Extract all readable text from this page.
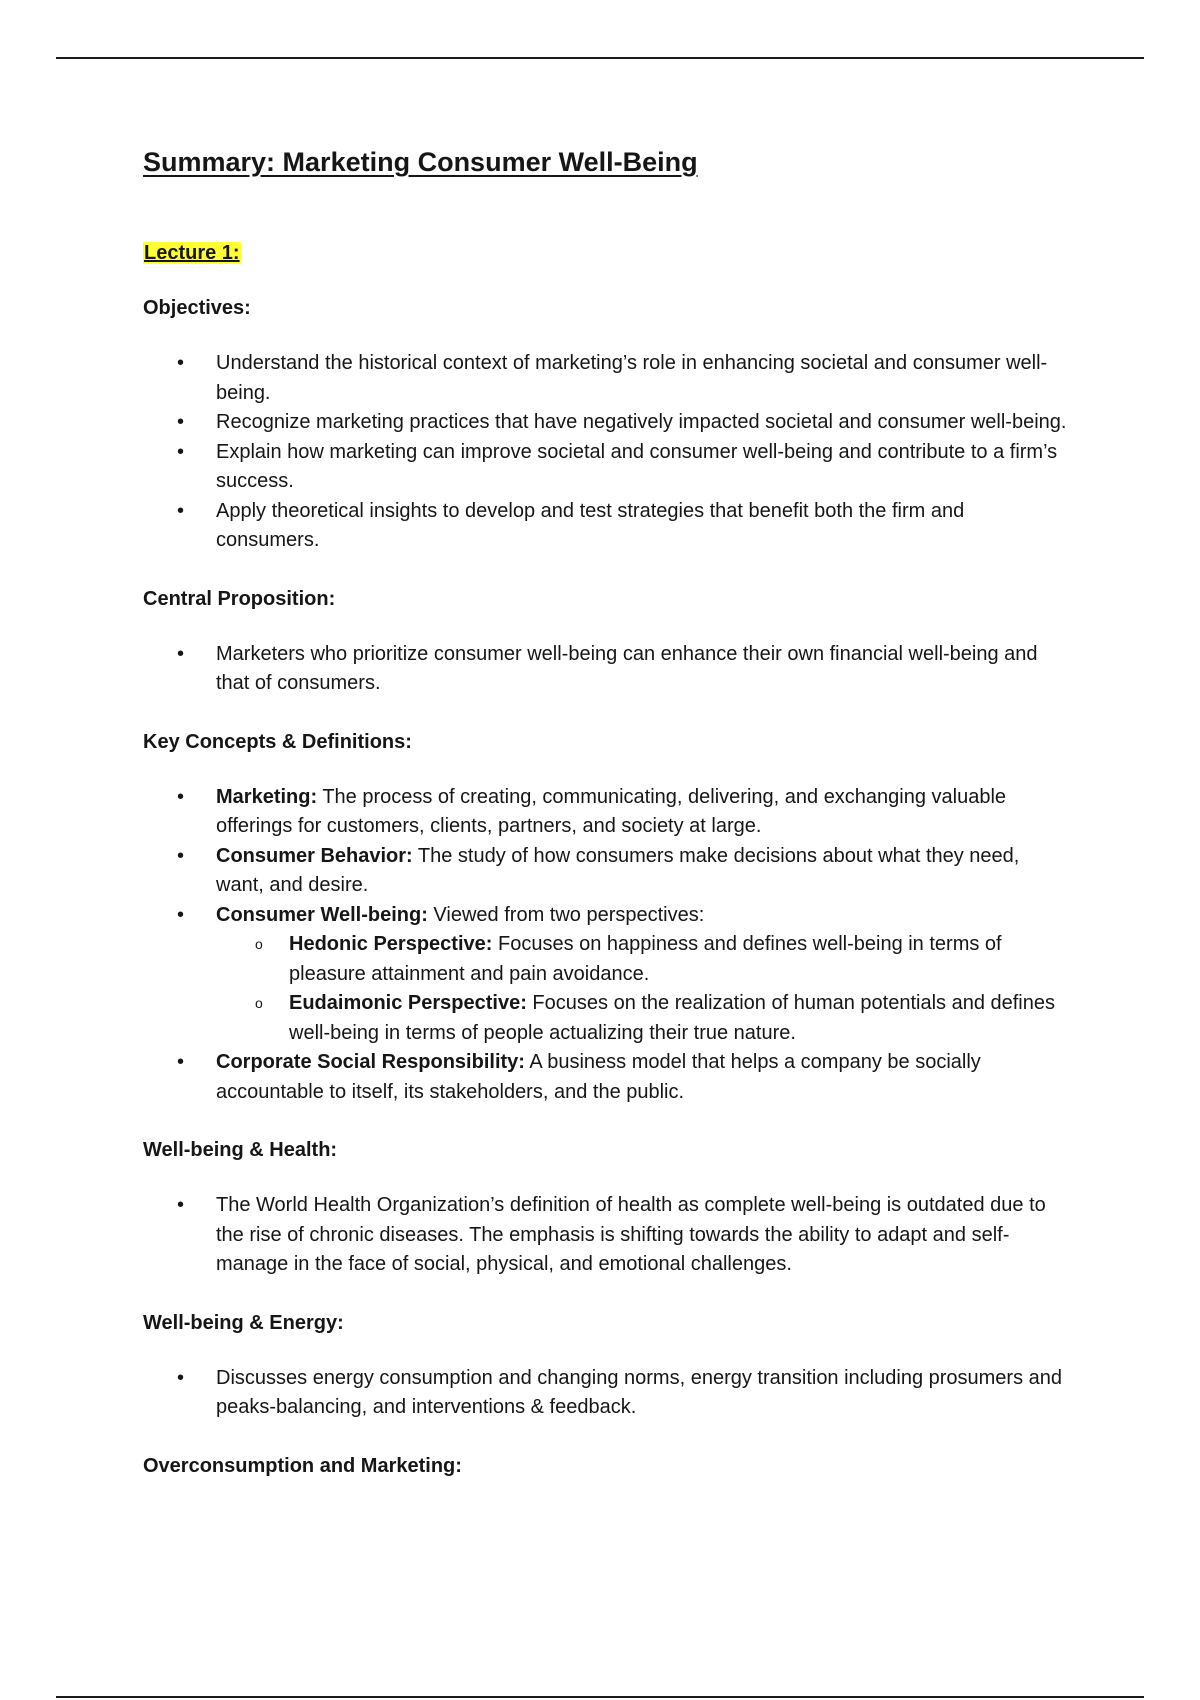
Summary: Marketing Consumer Well-Being
Lecture 1:
Objectives:
• Understand the historical context of marketing’s role in enhancing societal and consumer well-being.
• Recognize marketing practices that have negatively impacted societal and consumer well-being.
• Explain how marketing can improve societal and consumer well-being and contribute to a firm’s success.
• Apply theoretical insights to develop and test strategies that benefit both the firm and consumers.
Central Proposition:
• Marketers who prioritize consumer well-being can enhance their own financial well-being and that of consumers.
Key Concepts & Definitions:
• Marketing: The process of creating, communicating, delivering, and exchanging valuable offerings for customers, clients, partners, and society at large.
• Consumer Behavior: The study of how consumers make decisions about what they need, want, and desire.
• Consumer Well-being: Viewed from two perspectives:
o Hedonic Perspective: Focuses on happiness and defines well-being in terms of pleasure attainment and pain avoidance.
o Eudaimonic Perspective: Focuses on the realization of human potentials and defines well-being in terms of people actualizing their true nature.
• Corporate Social Responsibility: A business model that helps a company be socially accountable to itself, its stakeholders, and the public.
Well-being & Health:
• The World Health Organization’s definition of health as complete well-being is outdated due to the rise of chronic diseases. The emphasis is shifting towards the ability to adapt and self-manage in the face of social, physical, and emotional challenges.
Well-being & Energy:
• Discusses energy consumption and changing norms, energy transition including prosumers and peaks-balancing, and interventions & feedback.
Overconsumption and Marketing:
